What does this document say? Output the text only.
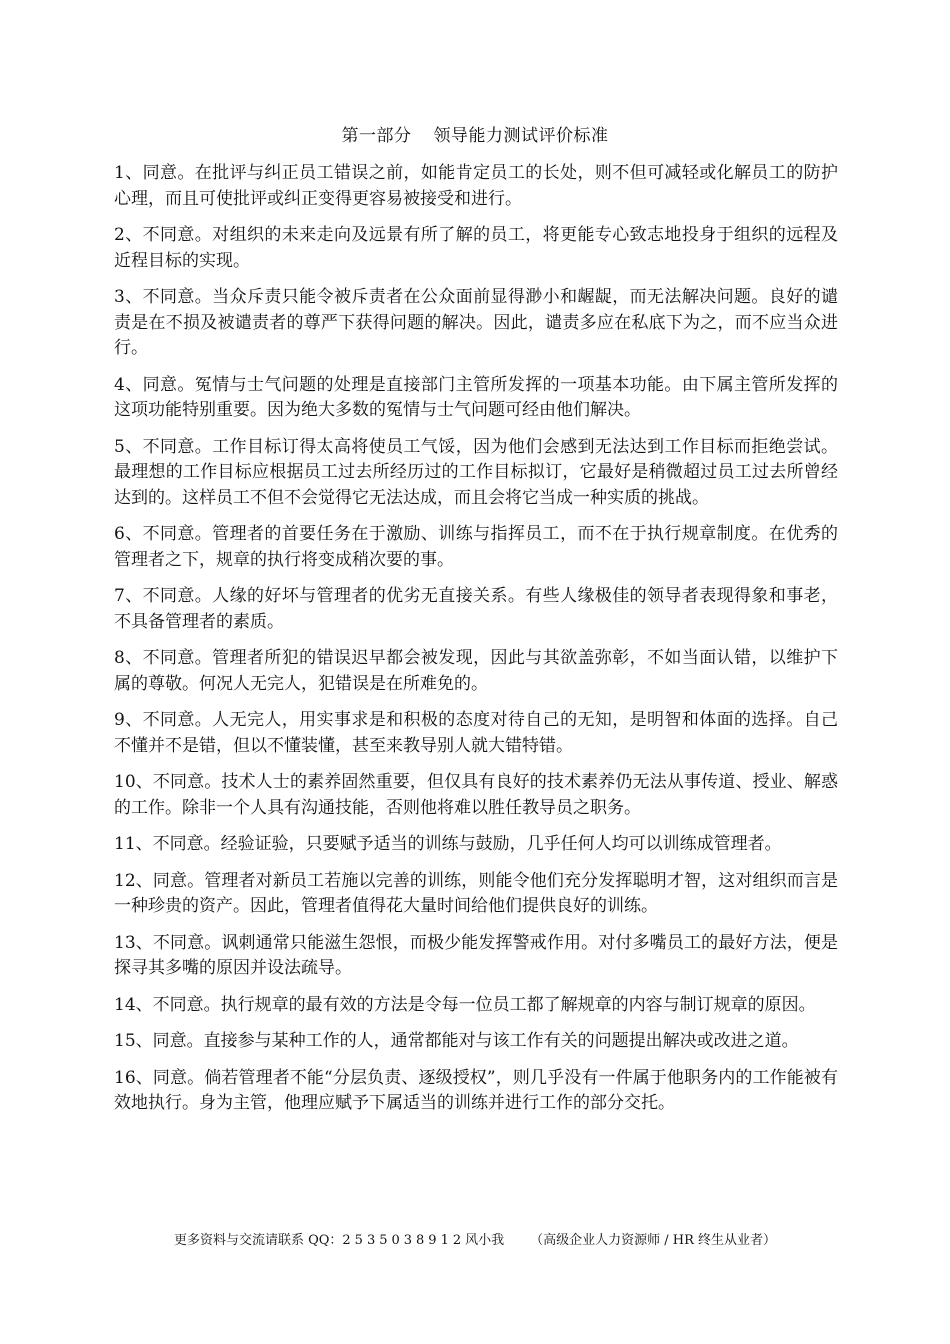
第一部分 领导能力测试评价标准

1、同意。在批评与纠正员工错误之前，如能肯定员工的长处，则不但可减轻或化解员工的防护心理，而且可使批评或纠正变得更容易被接受和进行。

2、不同意。对组织的未来走向及远景有所了解的员工，将更能专心致志地投身于组织的远程及近程目标的实现。

3、不同意。当众斥责只能令被斥责者在公众面前显得渺小和龌龊，而无法解决问题。良好的谴责是在不损及被谴责者的尊严下获得问题的解决。因此，谴责多应在私底下为之，而不应当众进行。

4、同意。冤情与士气问题的处理是直接部门主管所发挥的一项基本功能。由下属主管所发挥的这项功能特别重要。因为绝大多数的冤情与士气问题可经由他们解决。

5、不同意。工作目标订得太高将使员工气馁，因为他们会感到无法达到工作目标而拒绝尝试。最理想的工作目标应根据员工过去所经历过的工作目标拟订，它最好是稍微超过员工过去所曾经达到的。这样员工不但不会觉得它无法达成，而且会将它当成一种实质的挑战。

6、不同意。管理者的首要任务在于激励、训练与指挥员工，而不在于执行规章制度。在优秀的管理者之下，规章的执行将变成稍次要的事。

7、不同意。人缘的好坏与管理者的优劣无直接关系。有些人缘极佳的领导者表现得象和事老，不具备管理者的素质。

8、不同意。管理者所犯的错误迟早都会被发现，因此与其欲盖弥彰，不如当面认错，以维护下属的尊敬。何况人无完人，犯错误是在所难免的。

9、不同意。人无完人，用实事求是和积极的态度对待自己的无知，是明智和体面的选择。自己不懂并不是错，但以不懂装懂，甚至来教导别人就大错特错。

10、不同意。技术人士的素养固然重要，但仅具有良好的技术素养仍无法从事传道、授业、解惑的工作。除非一个人具有沟通技能，否则他将难以胜任教导员之职务。

11、不同意。经验证验，只要赋予适当的训练与鼓励，几乎任何人均可以训练成管理者。

12、同意。管理者对新员工若施以完善的训练，则能令他们充分发挥聪明才智，这对组织而言是一种珍贵的资产。因此，管理者值得花大量时间给他们提供良好的训练。

13、不同意。讽刺通常只能滋生怨恨，而极少能发挥警戒作用。对付多嘴员工的最好方法，便是探寻其多嘴的原因并设法疏导。

14、不同意。执行规章的最有效的方法是令每一位员工都了解规章的内容与制订规章的原因。

15、同意。直接参与某种工作的人，通常都能对与该工作有关的问题提出解决或改进之道。

16、同意。倘若管理者不能“分层负责、逐级授权”，则几乎没有一件属于他职务内的工作能被有效地执行。身为主管，他理应赋予下属适当的训练并进行工作的部分交托。

更多资料与交流请联系 QQ：2535038912风小我 （高级企业人力资源师 / HR 终生从业者）
